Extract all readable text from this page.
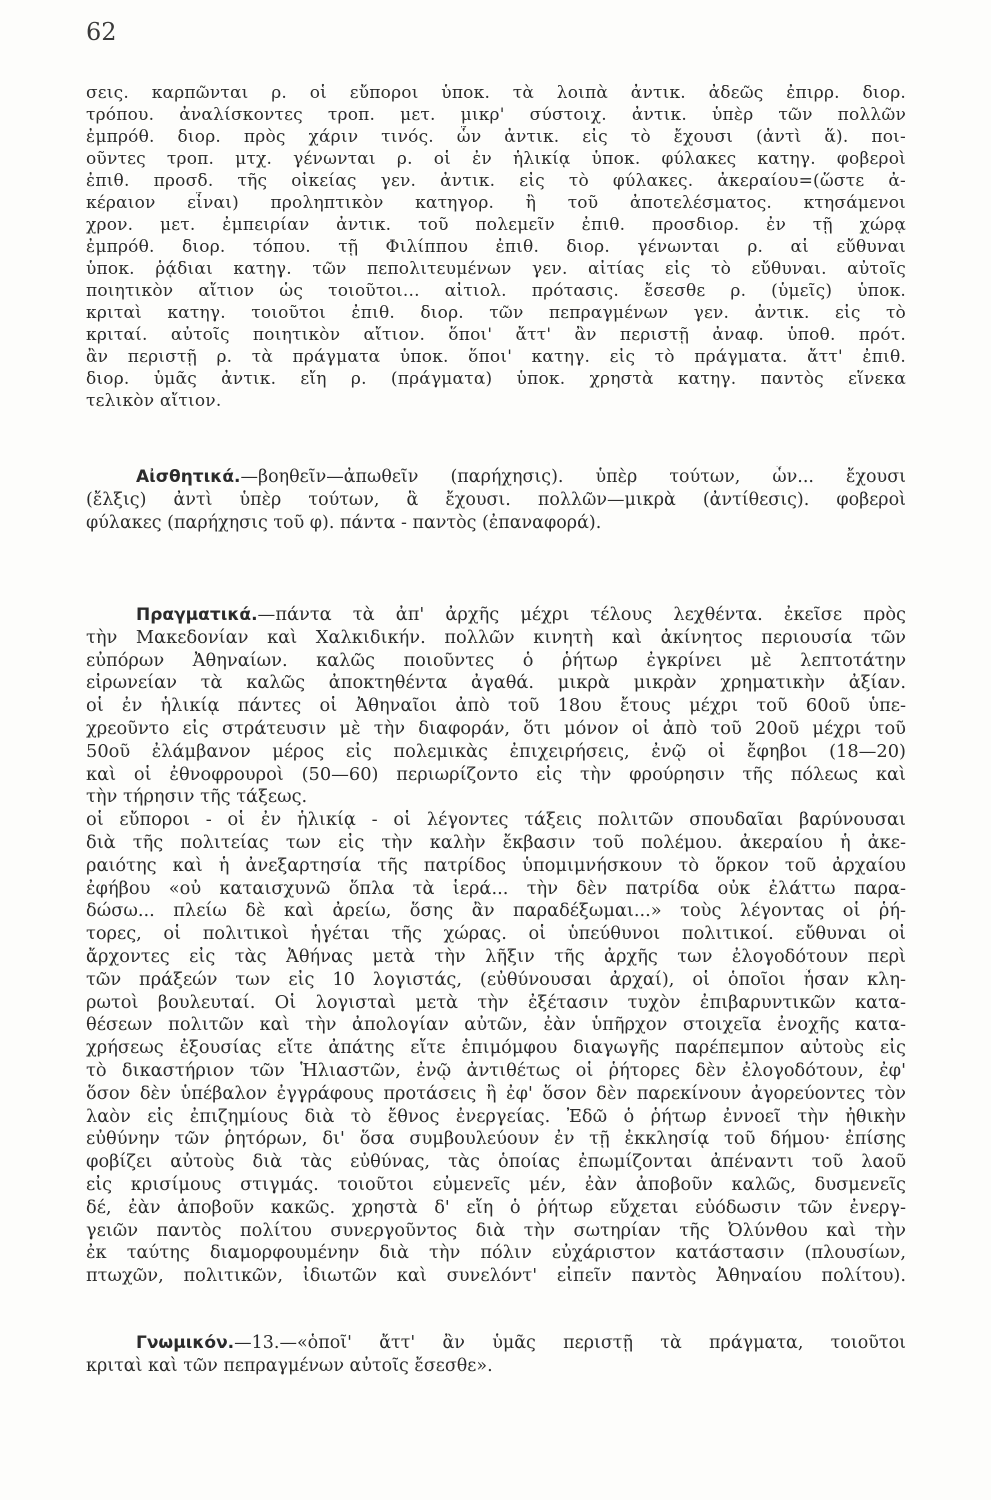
62
σεις. καρπῶνται ρ. οἱ εὔποροι ὑποκ. τὰ λοιπὰ ἀντικ. ἀδεῶς ἐπιρρ. διορ.
τρόπου. ἀναλίσκοντες τροπ. μετ. μικρ' σύστοιχ. ἀντικ. ὑπὲρ τῶν πολλῶν
ἐμπρόθ. διορ. πρὸς χάριν τινός. ὧν ἀντικ. εἰς τὸ ἔχουσι (ἀντὶ ἅ). ποι-
οῦντες τροπ. μτχ. γένωνται ρ. οἱ ἐν ἡλικίᾳ ὑποκ. φύλακες κατηγ. φοβεροὶ
ἐπιθ. προσδ. τῆς οἰκείας γεν. ἀντικ. εἰς τὸ φύλακες. ἀκεραίου=(ὥστε ἀ-
κέραιον εἶναι) προληπτικὸν κατηγορ. ἢ τοῦ ἀποτελέσματος. κτησάμενοι
χρον. μετ. ἐμπειρίαν ἀντικ. τοῦ πολεμεῖν ἐπιθ. προσδιορ. ἐν τῇ χώρᾳ
ἐμπρόθ. διορ. τόπου. τῇ Φιλίππου ἐπιθ. διορ. γένωνται ρ. αἱ εὔθυναι
ὑποκ. ῥᾴδιαι κατηγ. τῶν πεπολιτευμένων γεν. αἰτίας εἰς τὸ εὔθυναι. αὐτοῖς
ποιητικὸν αἴτιον ὡς τοιοῦτοι... αἰτιολ. πρότασις. ἔσεσθε ρ. (ὑμεῖς) ὑποκ.
κριταὶ κατηγ. τοιοῦτοι ἐπιθ. διορ. τῶν πεπραγμένων γεν. ἀντικ. εἰς τὸ
κριταί. αὐτοῖς ποιητικὸν αἴτιον. ὅποι' ἄττ' ἂν περιστῇ ἀναφ. ὑποθ. πρότ.
ἂν περιστῇ ρ. τὰ πράγματα ὑποκ. ὅποι' κατηγ. εἰς τὸ πράγματα. ἄττ' ἐπιθ.
διορ. ὑμᾶς ἀντικ. εἴη ρ. (πράγματα) ὑποκ. χρηστὰ κατηγ. παντὸς εἵνεκα
τελικὸν αἴτιον.
Αἰσθητικά.—βοηθεῖν—ἀπωθεῖν (παρήχησις). ὑπὲρ τούτων, ὧν... ἔχουσι
(ἔλξις) ἀντὶ ὑπὲρ τούτων, ἃ ἔχουσι. πολλῶν—μικρὰ (ἀντίθεσις). φοβεροὶ
φύλακες (παρήχησις τοῦ φ). πάντα - παντὸς (ἐπαναφορά).
Πραγματικά.—πάντα τὰ ἀπ' ἀρχῆς μέχρι τέλους λεχθέντα. ἐκεῖσε πρὸς
τὴν Μακεδονίαν καὶ Χαλκιδικήν. πολλῶν κινητὴ καὶ ἀκίνητος περιουσία τῶν
εὐπόρων Ἀθηναίων. καλῶς ποιοῦντες ὁ ῥήτωρ ἐγκρίνει μὲ λεπτοτάτην
εἰρωνείαν τὰ καλῶς ἀποκτηθέντα ἀγαθά. μικρὰ μικρὰν χρηματικὴν ἀξίαν.
οἱ ἐν ἡλικίᾳ πάντες οἱ Ἀθηναῖοι ἀπὸ τοῦ 18ου ἔτους μέχρι τοῦ 60οῦ ὑπε-
χρεοῦντο εἰς στράτευσιν μὲ τὴν διαφοράν, ὅτι μόνον οἱ ἀπὸ τοῦ 20οῦ μέχρι τοῦ
50οῦ ἐλάμβανον μέρος εἰς πολεμικὰς ἐπιχειρήσεις, ἐνῷ οἱ ἔφηβοι (18—20)
καὶ οἱ ἐθνοφρουροὶ (50—60) περιωρίζοντο εἰς τὴν φρούρησιν τῆς πόλεως καὶ
τὴν τήρησιν τῆς τάξεως.
οἱ εὔποροι - οἱ ἐν ἡλικίᾳ - οἱ λέγοντες τάξεις πολιτῶν σπουδαῖαι βαρύνουσαι
διὰ τῆς πολιτείας των εἰς τὴν καλὴν ἔκβασιν τοῦ πολέμου. ἀκεραίου ἡ ἀκε-
ραιότης καὶ ἡ ἀνεξαρτησία τῆς πατρίδος ὑπομιμνήσκουν τὸ ὅρκον τοῦ ἀρχαίου
ἐφήβου «οὐ καταισχυνῶ ὅπλα τὰ ἱερά... τὴν δὲν πατρίδα οὐκ ἐλάττω παρα-
δώσω... πλείω δὲ καὶ ἀρείω, ὅσης ἂν παραδέξωμαι...» τοὺς λέγοντας οἱ ῥή-
τορες, οἱ πολιτικοὶ ἡγέται τῆς χώρας. οἱ ὑπεύθυνοι πολιτικοί. εὔθυναι οἱ
ἄρχοντες εἰς τὰς Ἀθήνας μετὰ τὴν λῆξιν τῆς ἀρχῆς των ἐλογοδότουν περὶ
τῶν πράξεών των εἰς 10 λογιστάς, (εὐθύνουσαι ἀρχαί), οἱ ὁποῖοι ἦσαν κλη-
ρωτοὶ βουλευταί. Οἱ λογισταὶ μετὰ τὴν ἐξέτασιν τυχὸν ἐπιβαρυντικῶν κατα-
θέσεων πολιτῶν καὶ τὴν ἀπολογίαν αὐτῶν, ἐὰν ὑπῆρχον στοιχεῖα ἐνοχῆς κατα-
χρήσεως ἐξουσίας εἴτε ἀπάτης εἴτε ἐπιμόμφου διαγωγῆς παρέπεμπον αὐτοὺς εἰς
τὸ δικαστήριον τῶν Ἡλιαστῶν, ἐνῷ ἀντιθέτως οἱ ῥήτορες δὲν ἐλογοδότουν, ἐφ'
ὅσον δὲν ὑπέβαλον ἐγγράφους προτάσεις ἢ ἐφ' ὅσον δὲν παρεκίνουν ἀγορεύοντες τὸν
λαὸν εἰς ἐπιζημίους διὰ τὸ ἔθνος ἐνεργείας. Ἐδῶ ὁ ῥήτωρ ἐννοεῖ τὴν ἠθικὴν
εὐθύνην τῶν ῥητόρων, δι' ὅσα συμβουλεύουν ἐν τῇ ἐκκλησίᾳ τοῦ δήμου· ἐπίσης
φοβίζει αὐτοὺς διὰ τὰς εὐθύνας, τὰς ὁποίας ἐπωμίζονται ἀπέναντι τοῦ λαοῦ
εἰς κρισίμους στιγμάς. τοιοῦτοι εὐμενεῖς μέν, ἐὰν ἀποβοῦν καλῶς, δυσμενεῖς
δέ, ἐὰν ἀποβοῦν κακῶς. χρηστὰ δ' εἴη ὁ ῥήτωρ εὔχεται εὐόδωσιν τῶν ἐνεργ-
γειῶν παντὸς πολίτου συνεργοῦντος διὰ τὴν σωτηρίαν τῆς Ὀλύνθου καὶ τὴν
ἐκ ταύτης διαμορφουμένην διὰ τὴν πόλιν εὐχάριστον κατάστασιν (πλουσίων,
πτωχῶν, πολιτικῶν, ἰδιωτῶν καὶ συνελόντ' εἰπεῖν παντὸς Ἀθηναίου πολίτου).
Γνωμικόν.—13.—«ὁποῖ' ἄττ' ἂν ὑμᾶς περιστῇ τὰ πράγματα, τοιοῦτοι
κριταὶ καὶ τῶν πεπραγμένων αὐτοῖς ἔσεσθε».
